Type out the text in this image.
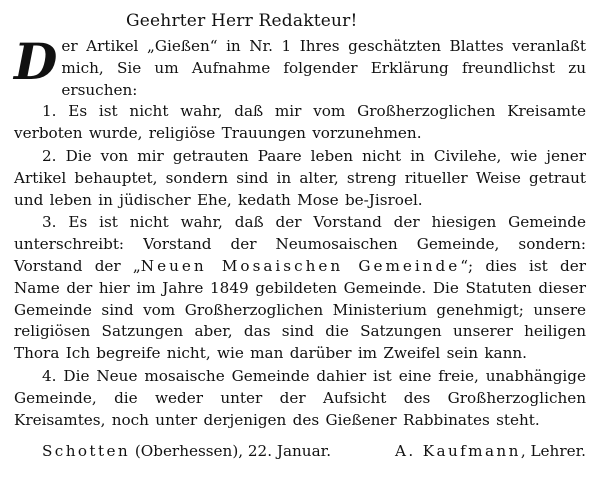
Geehrter Herr Redakteur!

Der Artikel „Gießen“ in Nr. 1 Ihres geschätzten Blattes veranlaßt mich, Sie um Aufnahme folgender Erklärung freundlichst zu ersuchen:

1. Es ist nicht wahr, daß mir vom Großherzoglichen Kreisamte verboten wurde, religiöse Trauungen vorzunehmen.

2. Die von mir getrauten Paare leben nicht in Civilehe, wie jener Artikel behauptet, sondern sind in alter, streng ritueller Weise getraut und leben in jüdischer Ehe, kedath Mose be-Jisroel.

3. Es ist nicht wahr, daß der Vorstand der hiesigen Gemeinde unterschreibt: Vorstand der Neumosaischen Gemeinde, sondern: Vorstand der „Neuen Mosaischen Gemeinde“; dies ist der Name der hier im Jahre 1849 gebildeten Gemeinde. Die Statuten dieser Gemeinde sind vom Großherzoglichen Ministerium genehmigt; unsere religiösen Satzungen aber, das sind die Satzungen unserer heiligen Thora Ich begreife nicht, wie man darüber im Zweifel sein kann.

4. Die Neue mosaische Gemeinde dahier ist eine freie, unabhängige Gemeinde, die weder unter der Aufsicht des Großherzoglichen Kreisamtes, noch unter derjenigen des Gießener Rabbinates steht.

Schotten (Oberhessen), 22. Januar.	A. Kaufmann, Lehrer.
